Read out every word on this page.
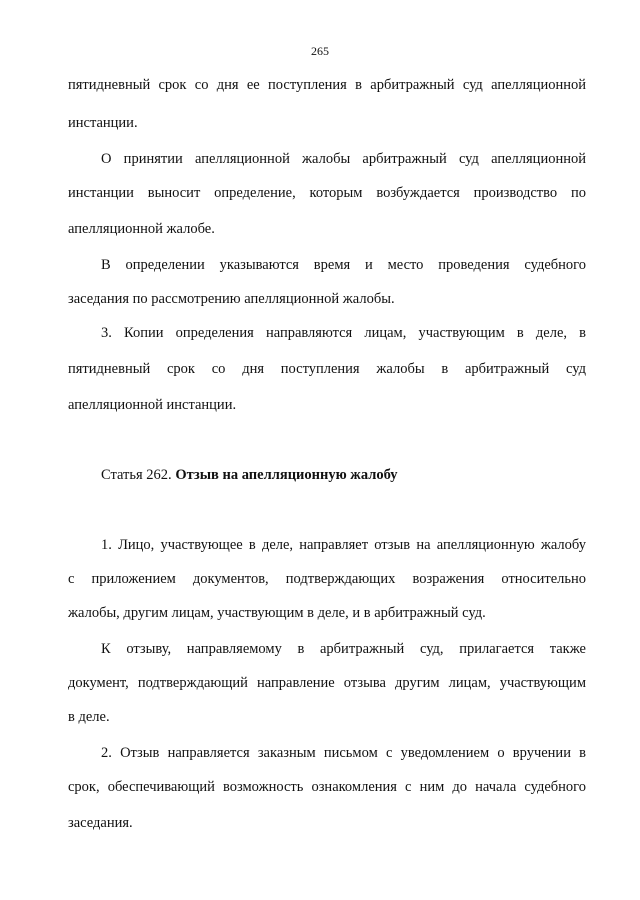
265
пятидневный срок со дня ее поступления в арбитражный суд апелляционной
инстанции.
О принятии апелляционной жалобы арбитражный суд апелляционной
инстанции выносит определение, которым возбуждается производство по
апелляционной жалобе.
В определении указываются время и место проведения судебного
заседания по рассмотрению апелляционной жалобы.
3. Копии определения направляются лицам, участвующим в деле, в
пятидневный срок со дня поступления жалобы в арбитражный суд
апелляционной инстанции.
Статья 262. Отзыв на апелляционную жалобу
1. Лицо, участвующее в деле, направляет отзыв на апелляционную жалобу
с приложением документов, подтверждающих возражения относительно
жалобы, другим лицам, участвующим в деле, и в арбитражный суд.
К отзыву, направляемому в арбитражный суд, прилагается также
документ, подтверждающий направление отзыва другим лицам, участвующим
в деле.
2. Отзыв направляется заказным письмом с уведомлением о вручении в
срок, обеспечивающий возможность ознакомления с ним до начала судебного
заседания.
